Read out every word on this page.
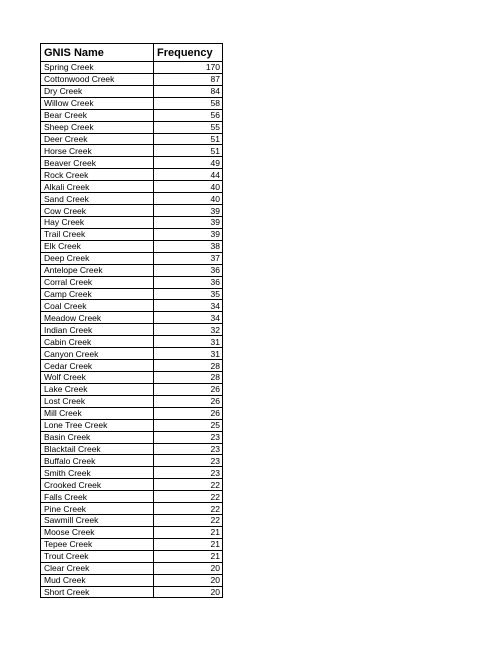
GNIS Name	Frequency
Spring Creek	170
Cottonwood Creek	87
Dry Creek	84
Willow Creek	58
Bear Creek	56
Sheep Creek	55
Deer Creek	51
Horse Creek	51
Beaver Creek	49
Rock Creek	44
Alkali Creek	40
Sand Creek	40
Cow Creek	39
Hay Creek	39
Trail Creek	39
Elk Creek	38
Deep Creek	37
Antelope Creek	36
Corral Creek	36
Camp Creek	35
Coal Creek	34
Meadow Creek	34
Indian Creek	32
Cabin Creek	31
Canyon Creek	31
Cedar Creek	28
Wolf Creek	28
Lake Creek	26
Lost Creek	26
Mill Creek	26
Lone Tree Creek	25
Basin Creek	23
Blacktail Creek	23
Buffalo Creek	23
Smith Creek	23
Crooked Creek	22
Falls Creek	22
Pine Creek	22
Sawmill Creek	22
Moose Creek	21
Tepee Creek	21
Trout Creek	21
Clear Creek	20
Mud Creek	20
Short Creek	20
